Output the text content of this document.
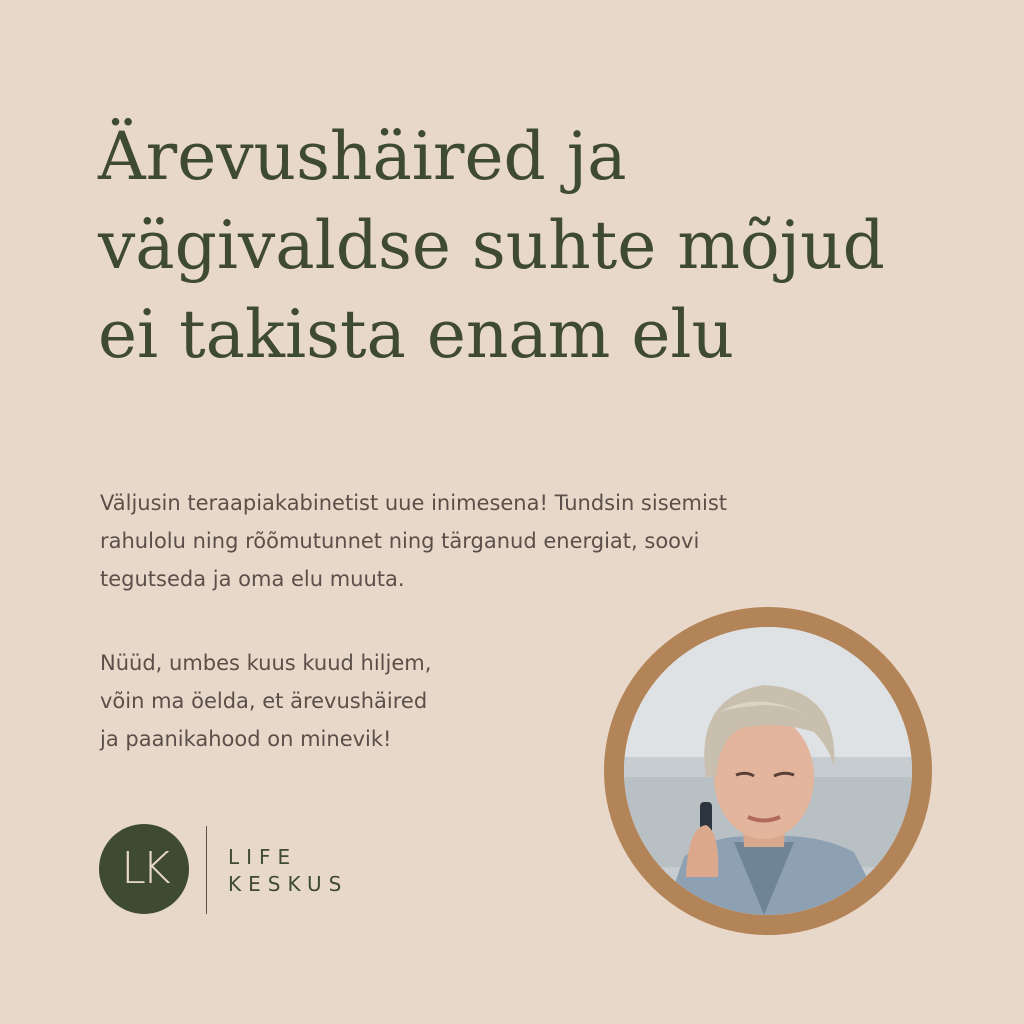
Ärevushäired ja
vägivaldse suhte mõjud
ei takista enam elu

Väljusin teraapiakabinetist uue inimesena! Tundsin sisemist
rahulolu ning rõõmutunnet ning tärganud energiat, soovi
tegutseda ja oma elu muuta.

Nüüd, umbes kuus kuud hiljem,
võin ma öelda, et ärevushäired
ja paanikahood on minevik!

LK	LIFE
KESKUS
